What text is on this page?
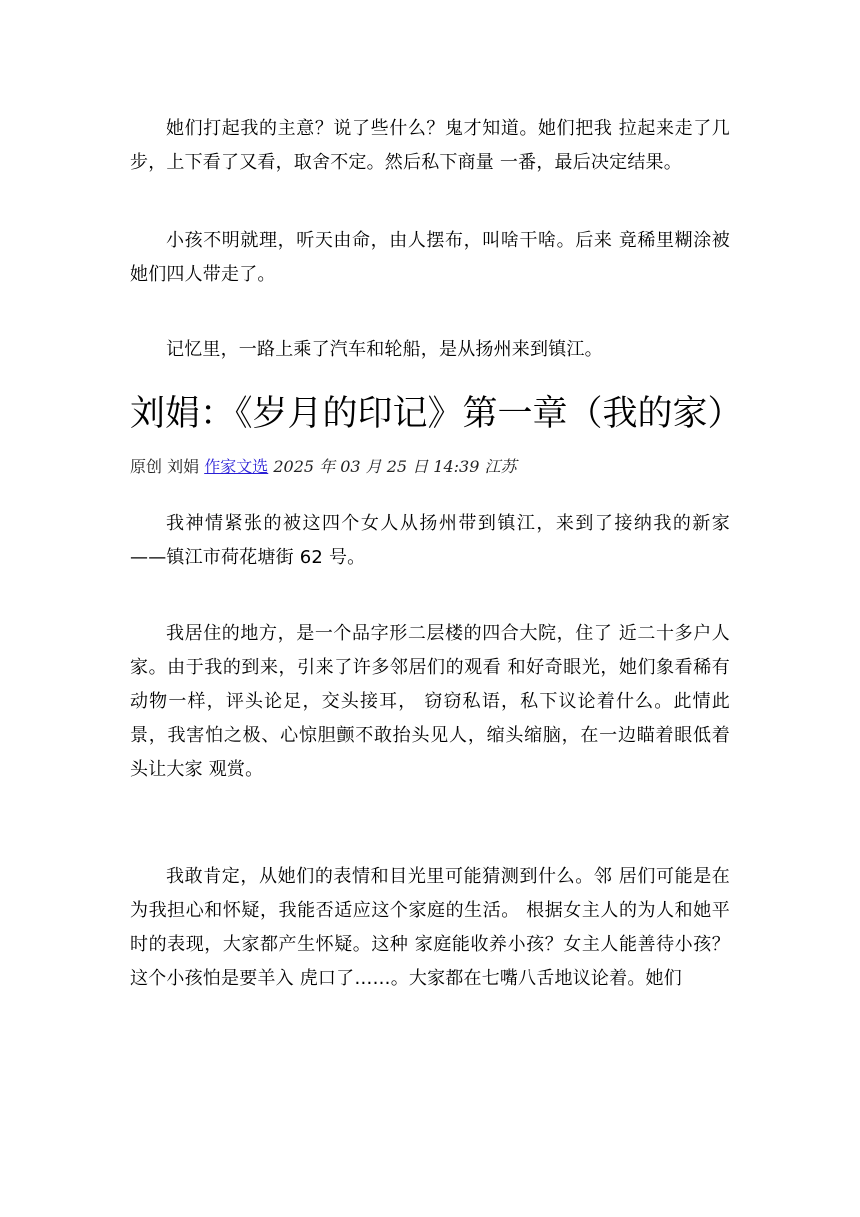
她们打起我的主意？说了些什么？鬼才知道。她们把我 拉起来走了几步，上下看了又看，取舍不定。然后私下商量 一番，最后决定结果。

小孩不明就理，听天由命，由人摆布，叫啥干啥。后来 竟稀里糊涂被她们四人带走了。

记忆里，一路上乘了汽车和轮船，是从扬州来到镇江。

刘娟：《岁月的印记》第一章（我的家）
原创 刘娟 作家文选 2025 年 03 月 25 日 14:39 江苏

我神情紧张的被这四个女人从扬州带到镇江，来到了接纳我的新家——镇江市荷花塘街 62 号。

我居住的地方，是一个品字形二层楼的四合大院，住了 近二十多户人家。由于我的到来，引来了许多邻居们的观看 和好奇眼光，她们象看稀有动物一样，评头论足，交头接耳， 窃窃私语，私下议论着什么。此情此景，我害怕之极、心惊胆颤不敢抬头见人，缩头缩脑，在一边瞄着眼低着头让大家 观赏。

我敢肯定，从她们的表情和目光里可能猜测到什么。邻 居们可能是在为我担心和怀疑，我能否适应这个家庭的生活。 根据女主人的为人和她平时的表现，大家都产生怀疑。这种 家庭能收养小孩？女主人能善待小孩？这个小孩怕是要羊入 虎口了……。大家都在七嘴八舌地议论着。她们
